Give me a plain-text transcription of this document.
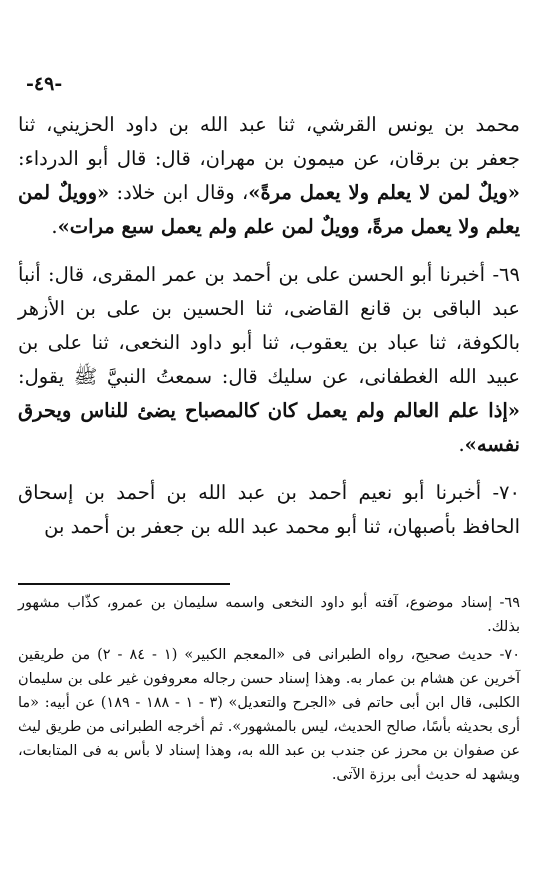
-٤٩-

محمد بن يونس القرشي، ثنا عبد الله بن داود الحزيني، ثنا جعفر بن برقان، عن ميمون بن مهران، قال: قال أبو الدرداء: «ويلٌ لمن لا يعلم ولا يعمل مرةً»، وقال ابن خلاد: «وويلٌ لمن يعلم ولا يعمل مرةً، وويلٌ لمن علم ولم يعمل سبع مرات».

٦٩- أخبرنا أبو الحسن على بن أحمد بن عمر المقرى، قال: أنبأ عبد الباقى بن قانع القاضى، ثنا الحسين بن على بن الأزهر بالكوفة، ثنا عباد بن يعقوب، ثنا أبو داود النخعى، ثنا على بن عبيد الله الغطفانى، عن سليك قال: سمعتُ النبيَّ ﷺ يقول: «إذا علم العالم ولم يعمل كان كالمصباح يضئ للناس ويحرق نفسه».

٧٠- أخبرنا أبو نعيم أحمد بن عبد الله بن أحمد بن إسحاق الحافظ بأصبهان، ثنا أبو محمد عبد الله بن جعفر بن أحمد بن

٦٩- إسناد موضوع، آفته أبو داود النخعى واسمه سليمان بن عمرو، كذّاب مشهور بذلك.

٧٠- حديث صحيح، رواه الطبرانى فى «المعجم الكبير» (١ - ٨٤ - ٢) من طريقين آخرين عن هشام بن عمار به. وهذا إسناد حسن رجاله معروفون غير على بن سليمان الكلبى، قال ابن أبى حاتم فى «الجرح والتعديل» (٣ - ١ - ١٨٨ - ١٨٩) عن أبيه: «ما أرى بحديثه بأسًا، صالح الحديث، ليس بالمشهور». ثم أخرجه الطبرانى من طريق ليث عن صفوان بن محرز عن جندب بن عبد الله به، وهذا إسناد لا بأس به فى المتابعات، ويشهد له حديث أبى برزة الآتى.
